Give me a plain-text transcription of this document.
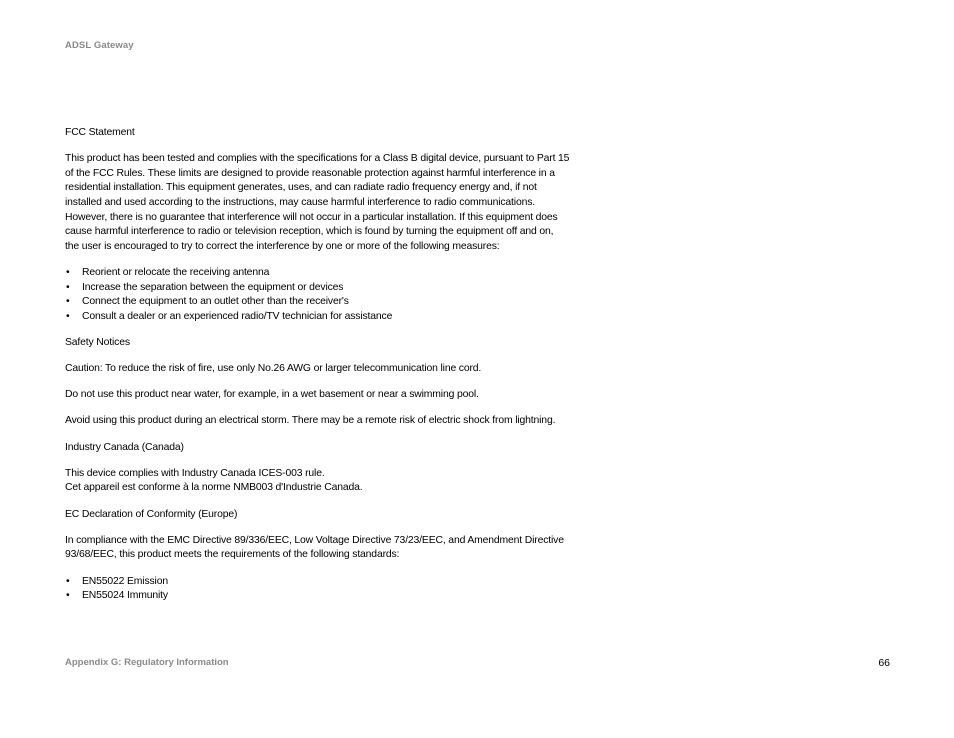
ADSL Gateway

FCC Statement

This product has been tested and complies with the specifications for a Class B digital device, pursuant to Part 15
of the FCC Rules. These limits are designed to provide reasonable protection against harmful interference in a
residential installation. This equipment generates, uses, and can radiate radio frequency energy and, if not
installed and used according to the instructions, may cause harmful interference to radio communications.
However, there is no guarantee that interference will not occur in a particular installation. If this equipment does
cause harmful interference to radio or television reception, which is found by turning the equipment off and on,
the user is encouraged to try to correct the interference by one or more of the following measures:

• Reorient or relocate the receiving antenna
• Increase the separation between the equipment or devices
• Connect the equipment to an outlet other than the receiver's
• Consult a dealer or an experienced radio/TV technician for assistance

Safety Notices

Caution: To reduce the risk of fire, use only No.26 AWG or larger telecommunication line cord.

Do not use this product near water, for example, in a wet basement or near a swimming pool.

Avoid using this product during an electrical storm. There may be a remote risk of electric shock from lightning.

Industry Canada (Canada)

This device complies with Industry Canada ICES-003 rule.
Cet appareil est conforme à la norme NMB003 d'Industrie Canada.

EC Declaration of Conformity (Europe)

In compliance with the EMC Directive 89/336/EEC, Low Voltage Directive 73/23/EEC, and Amendment Directive
93/68/EEC, this product meets the requirements of the following standards:

• EN55022 Emission
• EN55024 Immunity
Appendix G: Regulatory Information	66
